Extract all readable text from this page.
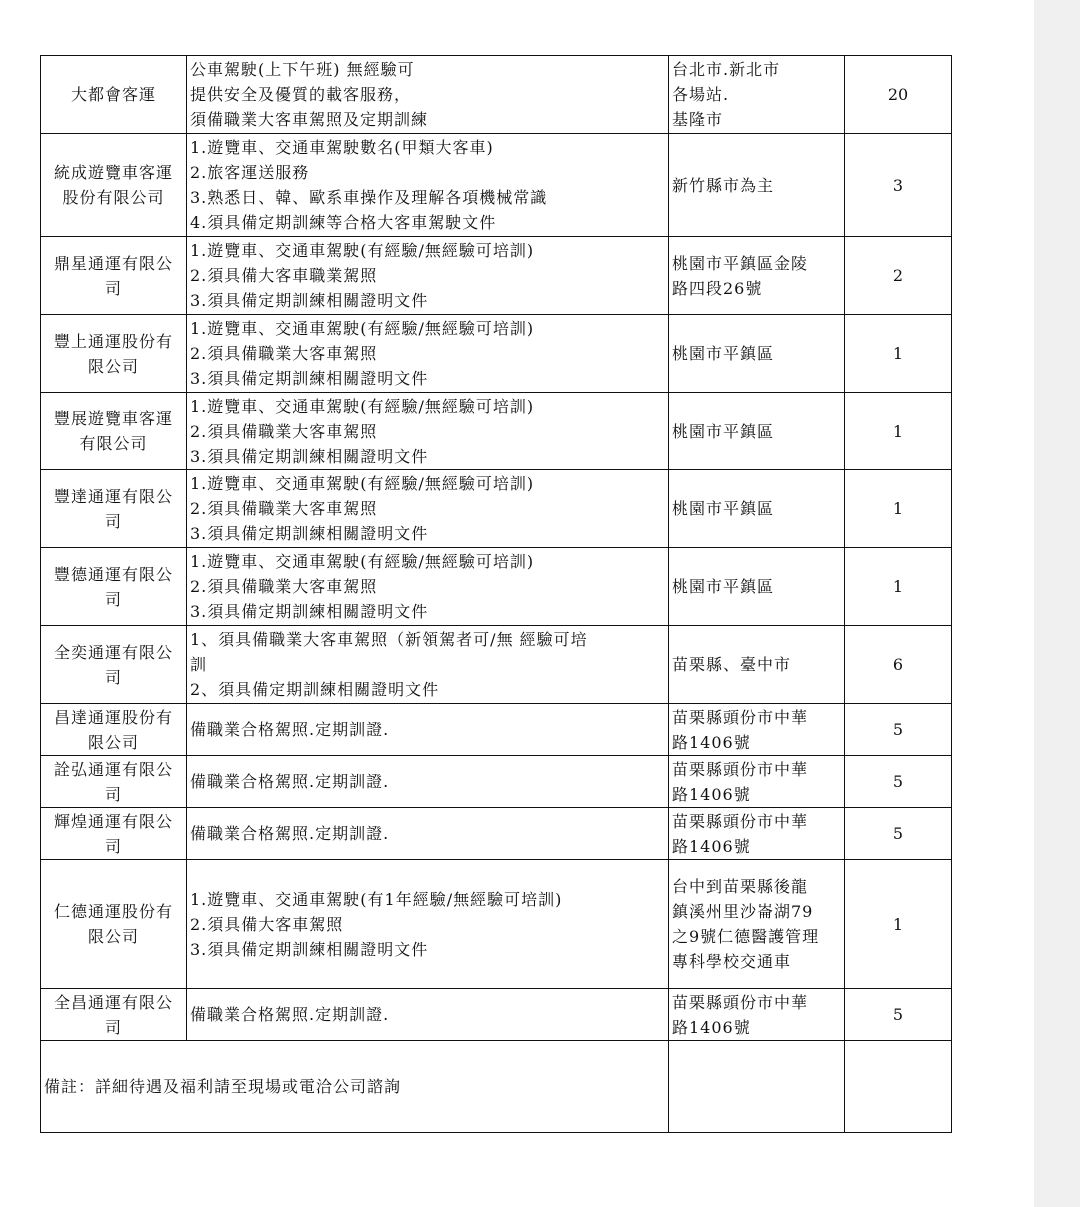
大都會客運	公車駕駛(上下午班) 無經驗可
提供安全及優質的載客服務，
須備職業大客車駕照及定期訓練	台北市.新北市
各場站.
基隆市	20
統成遊覽車客運
股份有限公司	1.遊覽車、交通車駕駛數名(甲類大客車)
2.旅客運送服務
3.熟悉日、韓、歐系車操作及理解各項機械常識
4.須具備定期訓練等合格大客車駕駛文件	新竹縣市為主	3
鼎星通運有限公
司	1.遊覽車、交通車駕駛(有經驗/無經驗可培訓)
2.須具備大客車職業駕照
3.須具備定期訓練相關證明文件	桃園市平鎮區金陵
路四段26號	2
豐上通運股份有
限公司	1.遊覽車、交通車駕駛(有經驗/無經驗可培訓)
2.須具備職業大客車駕照
3.須具備定期訓練相關證明文件	桃園市平鎮區	1
豐展遊覽車客運
有限公司	1.遊覽車、交通車駕駛(有經驗/無經驗可培訓)
2.須具備職業大客車駕照
3.須具備定期訓練相關證明文件	桃園市平鎮區	1
豐達通運有限公
司	1.遊覽車、交通車駕駛(有經驗/無經驗可培訓)
2.須具備職業大客車駕照
3.須具備定期訓練相關證明文件	桃園市平鎮區	1
豐德通運有限公
司	1.遊覽車、交通車駕駛(有經驗/無經驗可培訓)
2.須具備職業大客車駕照
3.須具備定期訓練相關證明文件	桃園市平鎮區	1
全奕通運有限公
司	1、須具備職業大客車駕照（新領駕者可/無 經驗可培
訓
2、須具備定期訓練相關證明文件	苗栗縣、臺中市	6
昌達通運股份有
限公司	備職業合格駕照.定期訓證.	苗栗縣頭份市中華
路1406號	5
詮弘通運有限公
司	備職業合格駕照.定期訓證.	苗栗縣頭份市中華
路1406號	5
輝煌通運有限公
司	備職業合格駕照.定期訓證.	苗栗縣頭份市中華
路1406號	5
仁德通運股份有
限公司	1.遊覽車、交通車駕駛(有1年經驗/無經驗可培訓)
2.須具備大客車駕照
3.須具備定期訓練相關證明文件	台中到苗栗縣後龍
鎮溪州里沙崙湖79
之9號仁德醫護管理
專科學校交通車	1
全昌通運有限公
司	備職業合格駕照.定期訓證.	苗栗縣頭份市中華
路1406號	5
備註：詳細待遇及福利請至現場或電洽公司諮詢			
